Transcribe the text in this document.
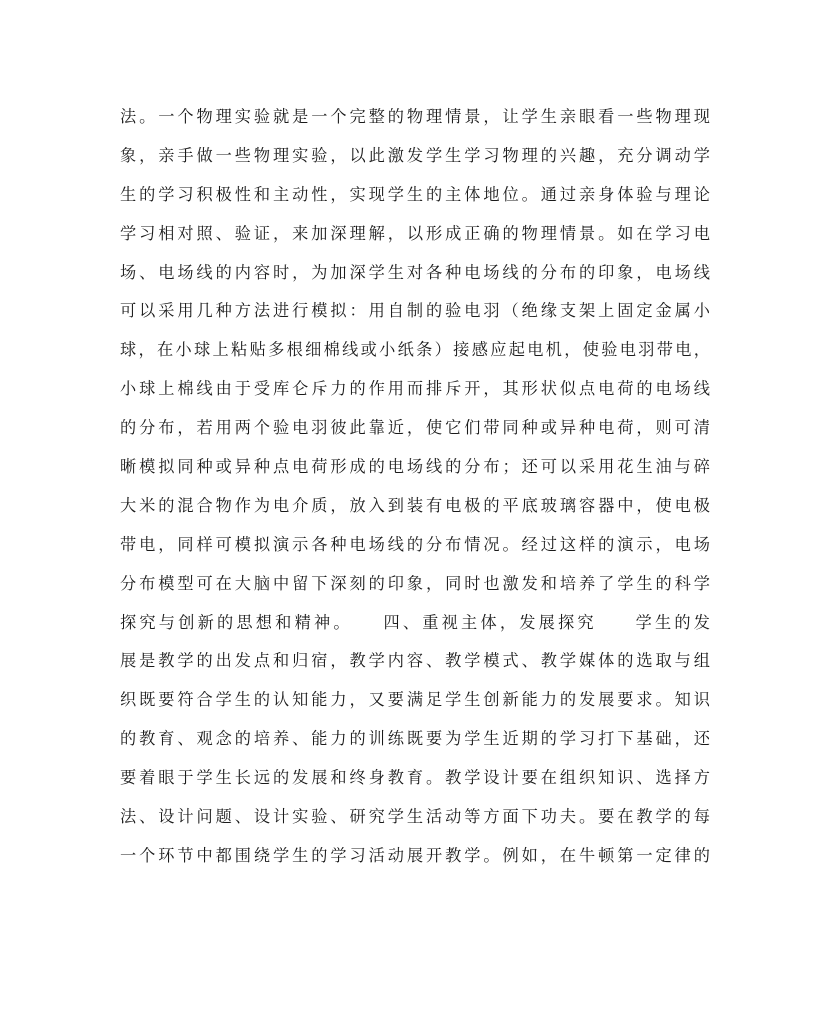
法。一个物理实验就是一个完整的物理情景，让学生亲眼看一些物理现
象，亲手做一些物理实验，以此激发学生学习物理的兴趣，充分调动学
生的学习积极性和主动性，实现学生的主体地位。通过亲身体验与理论
学习相对照、验证，来加深理解，以形成正确的物理情景。如在学习电
场、电场线的内容时，为加深学生对各种电场线的分布的印象，电场线
可以采用几种方法进行模拟：用自制的验电羽（绝缘支架上固定金属小
球，在小球上粘贴多根细棉线或小纸条）接感应起电机，使验电羽带电，
小球上棉线由于受库仑斥力的作用而排斥开，其形状似点电荷的电场线
的分布，若用两个验电羽彼此靠近，使它们带同种或异种电荷，则可清
晰模拟同种或异种点电荷形成的电场线的分布；还可以采用花生油与碎
大米的混合物作为电介质，放入到装有电极的平底玻璃容器中，使电极
带电，同样可模拟演示各种电场线的分布情况。经过这样的演示，电场
分布模型可在大脑中留下深刻的印象，同时也激发和培养了学生的科学
探究与创新的思想和精神。　　四、重视主体，发展探究　　学生的发
展是教学的出发点和归宿，教学内容、教学模式、教学媒体的选取与组
织既要符合学生的认知能力，又要满足学生创新能力的发展要求。知识
的教育、观念的培养、能力的训练既要为学生近期的学习打下基础，还
要着眼于学生长远的发展和终身教育。教学设计要在组织知识、选择方
法、设计问题、设计实验、研究学生活动等方面下功夫。要在教学的每
一个环节中都围绕学生的学习活动展开教学。例如，在牛顿第一定律的
